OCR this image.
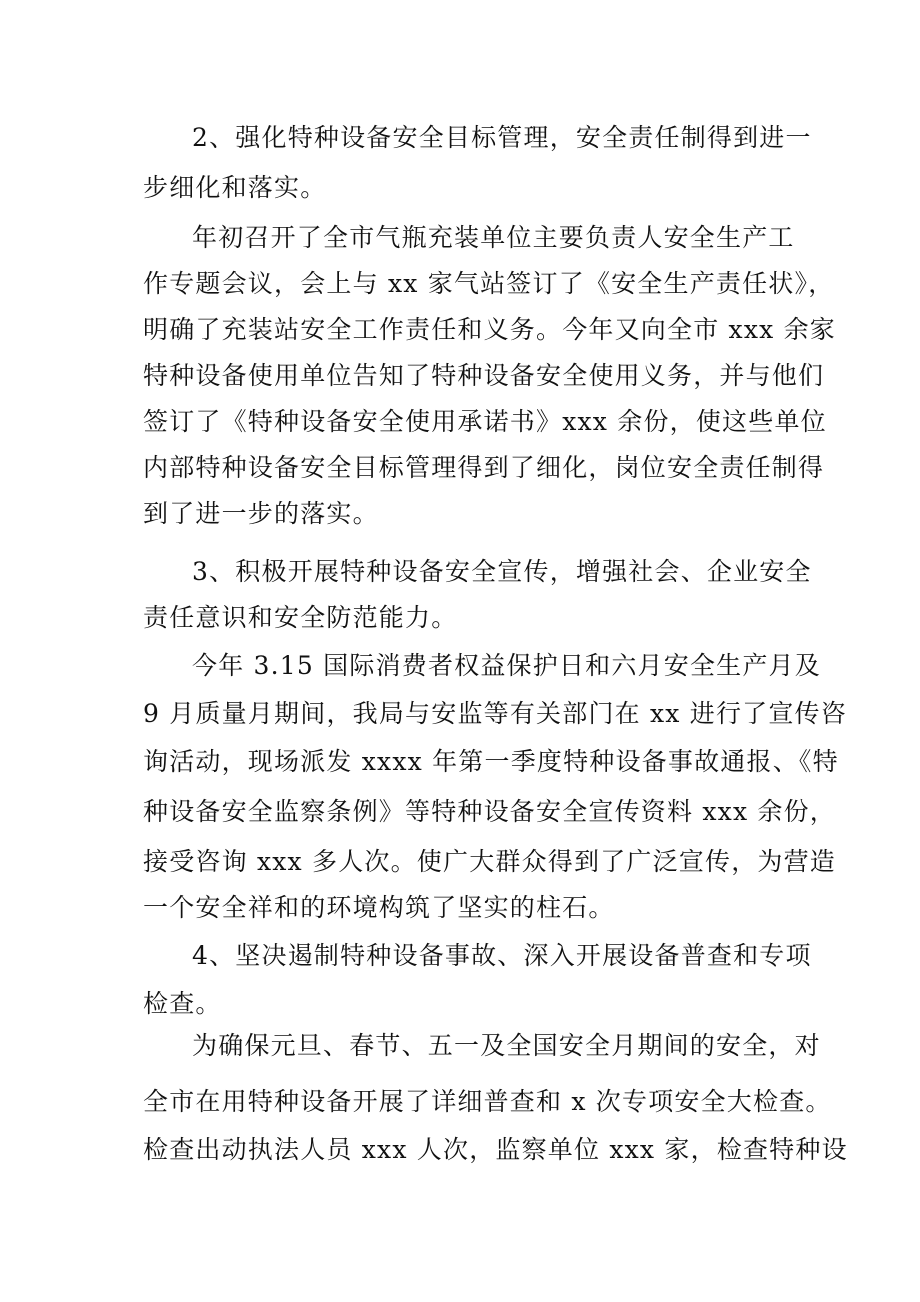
2、强化特种设备安全目标管理，安全责任制得到进一
步细化和落实。
年初召开了全市气瓶充装单位主要负责人安全生产工
作专题会议，会上与 xx 家气站签订了《安全生产责任状》，
明确了充装站安全工作责任和义务。今年又向全市 xxx 余家
特种设备使用单位告知了特种设备安全使用义务，并与他们
签订了《特种设备安全使用承诺书》xxx 余份，使这些单位
内部特种设备安全目标管理得到了细化，岗位安全责任制得
到了进一步的落实。
3、积极开展特种设备安全宣传，增强社会、企业安全
责任意识和安全防范能力。
今年 3.15 国际消费者权益保护日和六月安全生产月及
9 月质量月期间，我局与安监等有关部门在 xx 进行了宣传咨
询活动，现场派发 xxxx 年第一季度特种设备事故通报、《特
种设备安全监察条例》等特种设备安全宣传资料 xxx 余份，
接受咨询 xxx 多人次。使广大群众得到了广泛宣传，为营造
一个安全祥和的环境构筑了坚实的柱石。
4、坚决遏制特种设备事故、深入开展设备普查和专项
检查。
为确保元旦、春节、五一及全国安全月期间的安全，对
全市在用特种设备开展了详细普查和 x 次专项安全大检查。
检查出动执法人员 xxx 人次，监察单位 xxx 家，检查特种设
